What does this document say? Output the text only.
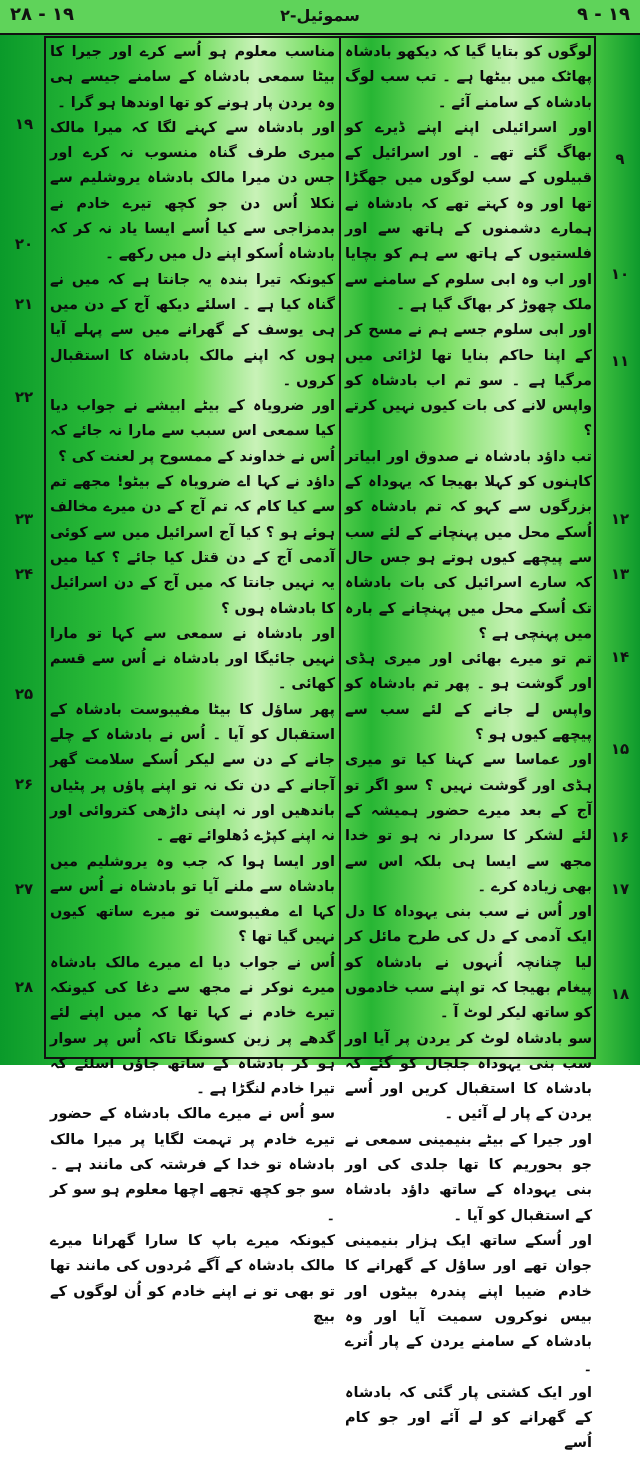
۲۸ - ۱۹	۲-سموئیل	۹ - ۱۹

لوگوں کو بتایا گیا کہ دیکھو بادشاہ پھاٹک میں بیٹھا ہے ۔ تب سب لوگ بادشاہ کے سامنے آئے ۔

اور اسرائیلی اپنے اپنے ڈیرے کو بھاگ گئے تھے ۔ اور اسرائیل کے قبیلوں کے سب لوگوں میں جھگڑا تھا اور وہ کہتے تھے کہ بادشاہ نے ہمارے دشمنوں کے ہاتھ سے اور فلستیوں کے ہاتھ سے ہم کو بچایا اور اب وہ ابی سلوم کے سامنے سے ملک چھوڑ کر بھاگ گیا ہے ۔

اور ابی سلوم جسے ہم نے مسح کر کے اپنا حاکم بنایا تھا لڑائی میں مرگیا ہے ۔ سو تم اب بادشاہ کو واپس لانے کی بات کیوں نہیں کرتے ؟

تب داؤد بادشاہ نے صدوق اور ابیاتر کاہنوں کو کہلا بھیجا کہ یہوداہ کے بزرگوں سے کہو کہ تم بادشاہ کو اُسکے محل میں پہنچانے کے لئے سب سے پیچھے کیوں ہوتے ہو جس حال کہ سارے اسرائیل کی بات بادشاہ تک اُسکے محل میں پہنچانے کے بارہ میں پہنچی ہے ؟

تم تو میرے بھائی اور میری ہڈی اور گوشت ہو ۔ پھر تم بادشاہ کو واپس لے جانے کے لئے سب سے پیچھے کیوں ہو ؟

اور عماسا سے کہنا کیا تو میری ہڈی اور گوشت نہیں ؟ سو اگر تو آج کے بعد میرے حضور ہمیشہ کے لئے لشکر کا سردار نہ ہو تو خدا مجھ سے ایسا ہی بلکہ اس سے بھی زیادہ کرے ۔

اور اُس نے سب بنی یہوداہ کا دل ایک آدمی کے دل کی طرح مائل کر لیا چنانچہ اُنہوں نے بادشاہ کو پیغام بھیجا کہ تو اپنے سب خادموں کو ساتھ لیکر لوٹ آ ۔

سو بادشاہ لوٹ کر یردن پر آیا اور سب بنی یہوداہ جلجال کو گئے کہ بادشاہ کا استقبال کریں اور اُسے یردن کے پار لے آئیں ۔

اور جیرا کے بیٹے بنیمینی سمعی نے جو بحوریم کا تھا جلدی کی اور بنی یہوداہ کے ساتھ داؤد بادشاہ کے استقبال کو آیا ۔

اور اُسکے ساتھ ایک ہزار بنیمینی جوان تھے اور ساؤل کے گھرانے کا خادم ضیبا اپنے پندرہ بیٹوں اور بیس نوکروں سمیت آیا اور وہ بادشاہ کے سامنے یردن کے پار اُترے ۔

اور ایک کشتی پار گئی کہ بادشاہ کے گھرانے کو لے آئے اور جو کام اُسے

مناسب معلوم ہو اُسے کرے اور جیرا کا بیٹا سمعی بادشاہ کے سامنے جیسے ہی وہ یردن پار ہونے کو تھا اوندھا ہو گرا ۔

اور بادشاہ سے کہنے لگا کہ میرا مالک میری طرف گناہ منسوب نہ کرے اور جس دن میرا مالک بادشاہ یروشلیم سے نکلا اُس دن جو کچھ تیرے خادم نے بدمزاجی سے کیا اُسے ایسا یاد نہ کر کہ بادشاہ اُسکو اپنے دل میں رکھے ۔

کیونکہ تیرا بندہ یہ جانتا ہے کہ میں نے گناہ کیا ہے ۔ اسلئے دیکھ آج کے دن میں ہی یوسف کے گھرانے میں سے پہلے آیا ہوں کہ اپنے مالک بادشاہ کا استقبال کروں ۔

اور ضرویاہ کے بیٹے ابیشے نے جواب دیا کیا سمعی اس سبب سے مارا نہ جائے کہ اُس نے خداوند کے ممسوح پر لعنت کی ؟

داؤد نے کہا اے ضرویاہ کے بیٹو! مجھے تم سے کیا کام کہ تم آج کے دن میرے مخالف ہوئے ہو ؟ کیا آج اسرائیل میں سے کوئی آدمی آج کے دن قتل کیا جائے ؟ کیا میں یہ نہیں جانتا کہ میں آج کے دن اسرائیل کا بادشاہ ہوں ؟

اور بادشاہ نے سمعی سے کہا تو مارا نہیں جائیگا اور بادشاہ نے اُس سے قسم کھائی ۔

پھر ساؤل کا بیٹا مفیبوست بادشاہ کے استقبال کو آیا ۔ اُس نے بادشاہ کے چلے جانے کے دن سے لیکر اُسکے سلامت گھر آجانے کے دن تک نہ تو اپنے پاؤں پر پٹیاں باندھیں اور نہ اپنی داڑھی کتروائی اور نہ اپنے کپڑے دُھلوائے تھے ۔

اور ایسا ہوا کہ جب وہ یروشلیم میں بادشاہ سے ملنے آیا تو بادشاہ نے اُس سے کہا اے مفیبوست تو میرے ساتھ کیوں نہیں گیا تھا ؟

اُس نے جواب دیا اے میرے مالک بادشاہ میرے نوکر نے مجھ سے دغا کی کیونکہ تیرے خادم نے کہا تھا کہ میں اپنے لئے گدھے پر زین کسونگا تاکہ اُس پر سوار ہو کر بادشاہ کے ساتھ جاؤں اسلئے کہ تیرا خادم لنگڑا ہے ۔

سو اُس نے میرے مالک بادشاہ کے حضور تیرے خادم پر تہمت لگایا پر میرا مالک بادشاہ تو خدا کے فرشتہ کی مانند ہے ۔ سو جو کچھ تجھے اچھا معلوم ہو سو کر ۔

کیونکہ میرے باپ کا سارا گھرانا میرے مالک بادشاہ کے آگے مُردوں کی مانند تھا تو بھی تو نے اپنے خادم کو اُن لوگوں کے بیچ

۹
۱۰
۱۱
۱۲
۱۳
۱۴
۱۵
۱۶
۱۷
۱۸
۱۹
۲۰
۲۱
۲۲
۲۳
۲۴
۲۵
۲۶
۲۷
۲۸
